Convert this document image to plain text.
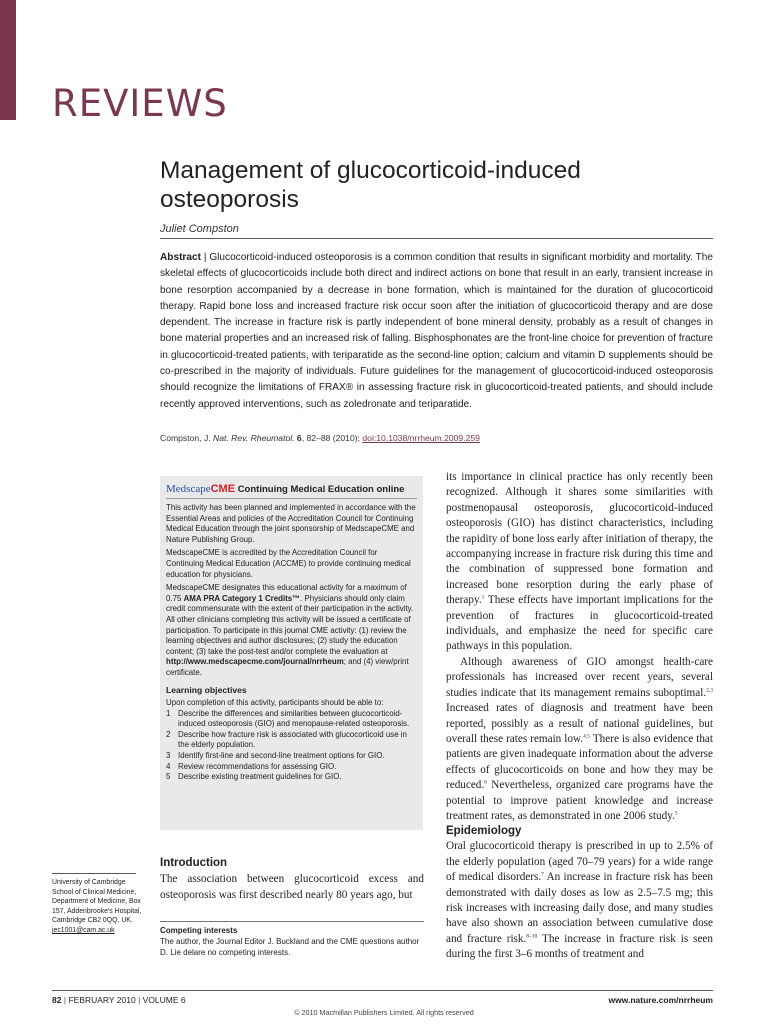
REVIEWS
Management of glucocorticoid-induced osteoporosis
Juliet Compston
Abstract | Glucocorticoid-induced osteoporosis is a common condition that results in significant morbidity and mortality. The skeletal effects of glucocorticoids include both direct and indirect actions on bone that result in an early, transient increase in bone resorption accompanied by a decrease in bone formation, which is maintained for the duration of glucocorticoid therapy. Rapid bone loss and increased fracture risk occur soon after the initiation of glucocorticoid therapy and are dose dependent. The increase in fracture risk is partly independent of bone mineral density, probably as a result of changes in bone material properties and an increased risk of falling. Bisphosphonates are the front-line choice for prevention of fracture in glucocorticoid-treated patients, with teriparatide as the second-line option; calcium and vitamin D supplements should be co-prescribed in the majority of individuals. Future guidelines for the management of glucocorticoid-induced osteoporosis should recognize the limitations of FRAX® in assessing fracture risk in glucocorticoid-treated patients, and should include recently approved interventions, such as zoledronate and teriparatide.
Compston, J. Nat. Rev. Rheumatol. 6, 82–88 (2010); doi:10.1038/nrrheum.2009.259
MedscapeCME Continuing Medical Education online

This activity has been planned and implemented in accordance with the Essential Areas and policies of the Accreditation Council for Continuing Medical Education through the joint sponsorship of MedscapeCME and Nature Publishing Group.

MedscapeCME is accredited by the Accreditation Council for Continuing Medical Education (ACCME) to provide continuing medical education for physicians.

MedscapeCME designates this educational activity for a maximum of 0.75 AMA PRA Category 1 Credits™. Physicians should only claim credit commensurate with the extent of their participation in the activity. All other clinicians completing this activity will be issued a certificate of participation. To participate in this journal CME activity: (1) review the learning objectives and author disclosures; (2) study the education content; (3) take the post-test and/or complete the evaluation at http://www.medscapecme.com/journal/nrrheum; and (4) view/print certificate.

Learning objectives

Upon completion of this activity, participants should be able to:

1 Describe the differences and similarities between glucocorticoid-induced osteoporosis (GIO) and menopause-related osteoporosis.
2 Describe how fracture risk is associated with glucocorticoid use in the elderly population.
3 Identify first-line and second-line treatment options for GIO.
4 Review recommendations for assessing GIO.
5 Describe existing treatment guidelines for GIO.
Introduction
The association between glucocorticoid excess and osteoporosis was first described nearly 80 years ago, but
Competing interests
The author, the Journal Editor J. Buckland and the CME questions author D. Lie delare no competing interests.
University of Cambridge School of Clinical Medicine, Department of Medicine, Box 157, Addenbrooke's Hospital, Cambridge CB2 0QQ, UK.
jec1001@cam.ac.uk

its importance in clinical practice has only recently been recognized. Although it shares some similarities with postmenopausal osteoporosis, glucocorticoid-induced osteoporosis (GIO) has distinct characteristics, including the rapidity of bone loss early after initiation of therapy, the accompanying increase in fracture risk during this time and the combination of suppressed bone formation and increased bone resorption during the early phase of therapy.$^1$ These effects have important implications for the prevention of fractures in glucocorticoid-treated individuals, and emphasize the need for specific care pathways in this population.

Although awareness of GIO amongst health-care professionals has increased over recent years, several studies indicate that its management remains suboptimal.$^{2,3}$ Increased rates of diagnosis and treatment have been reported, possibly as a result of national guidelines, but overall these rates remain low.$^{4,5}$ There is also evidence that patients are given inadequate information about the adverse effects of glucocorticoids on bone and how they may be reduced.$^6$ Nevertheless, organized care programs have the potential to improve patient knowledge and increase treatment rates, as demonstrated in one 2006 study.$^5$

Epidemiology

Oral glucocorticoid therapy is prescribed in up to 2.5% of the elderly population (aged 70–79 years) for a wide range of medical disorders.$^7$ An increase in fracture risk has been demonstrated with daily doses as low as 2.5–7.5 mg; this risk increases with increasing daily dose, and many studies have also shown an association between cumulative dose and fracture risk.$^{8-10}$ The increase in fracture risk is seen during the first 3–6 months of treatment and

82 | FEBRUARY 2010 | VOLUME 6	www.nature.com/nrrheum
© 2010 Macmillan Publishers Limited. All rights reserved
